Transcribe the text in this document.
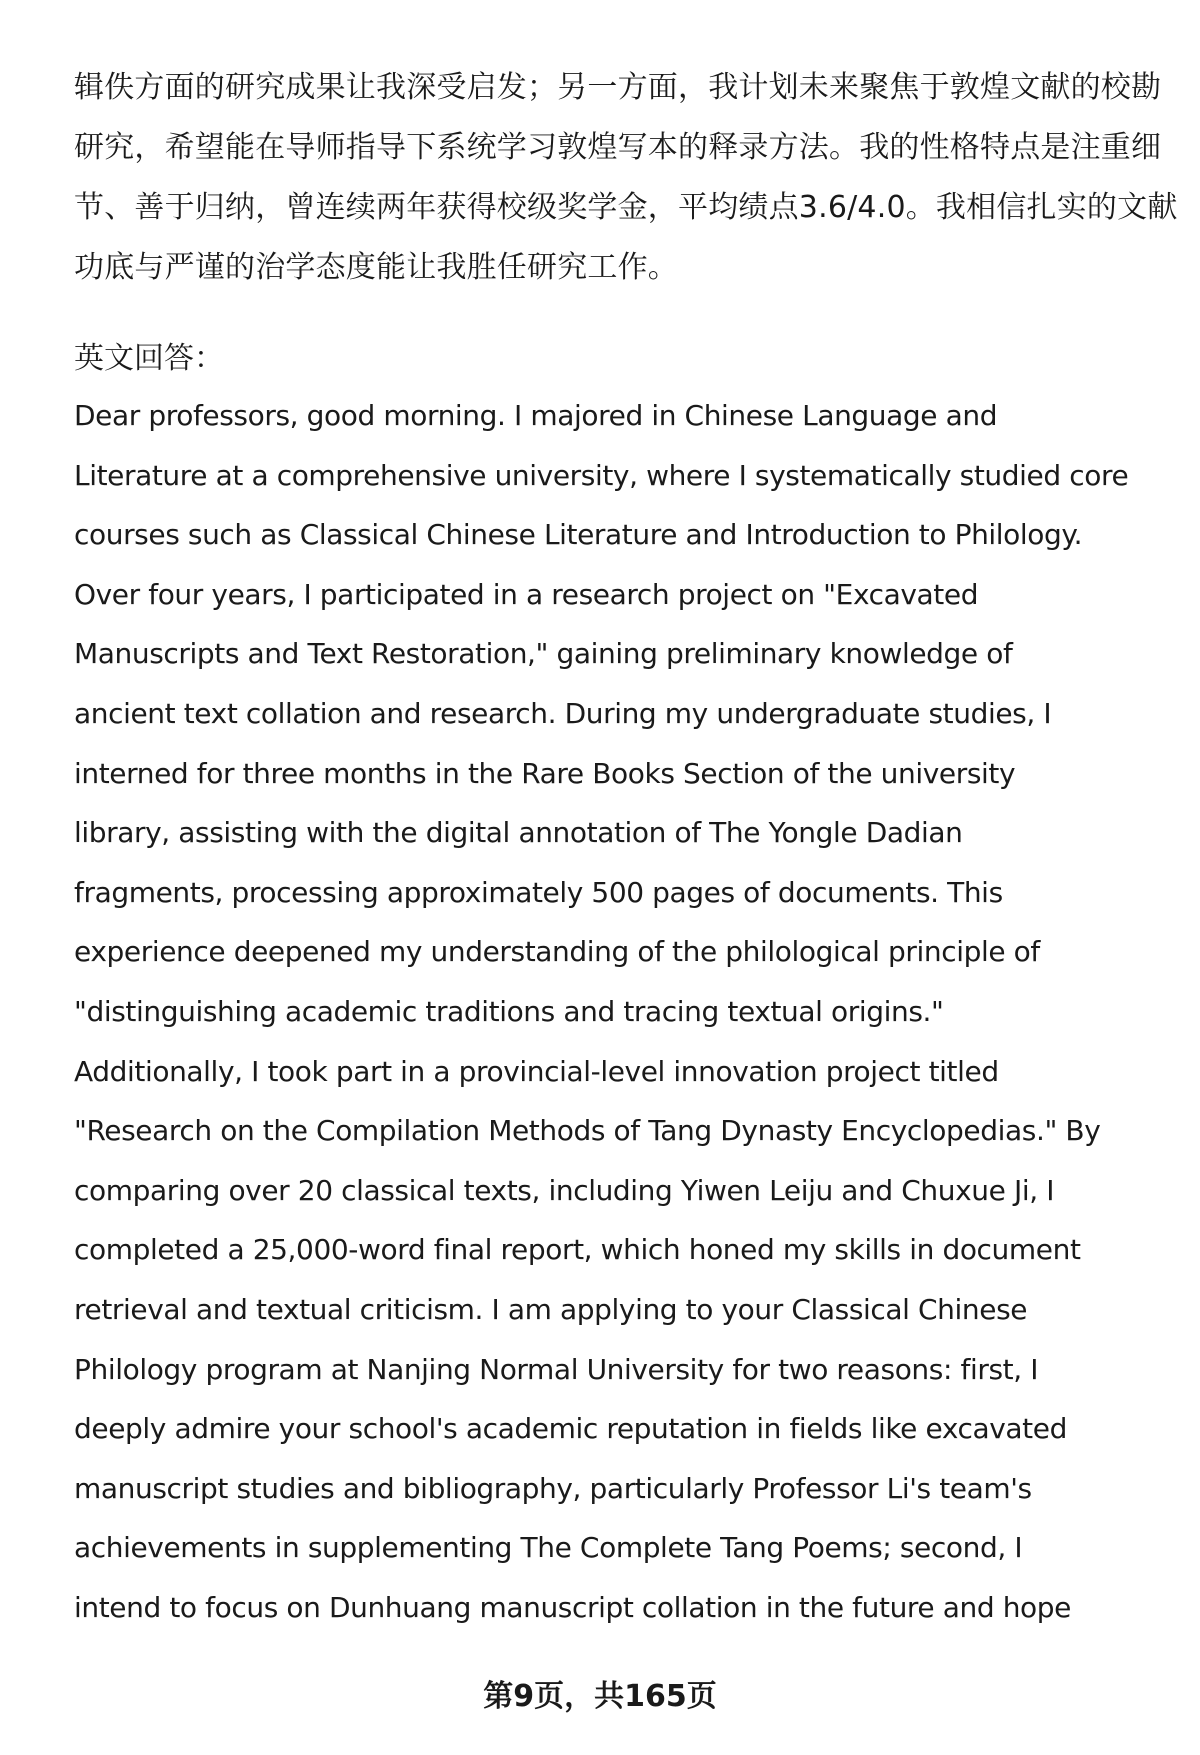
辑佚方面的研究成果让我深受启发；另一方面，我计划未来聚焦于敦煌文献的校勘
研究，希望能在导师指导下系统学习敦煌写本的释录方法。我的性格特点是注重细
节、善于归纳，曾连续两年获得校级奖学金，平均绩点3.6/4.0。我相信扎实的文献
功底与严谨的治学态度能让我胜任研究工作。
英文回答：
Dear professors, good morning. I majored in Chinese Language and
Literature at a comprehensive university, where I systematically studied core
courses such as Classical Chinese Literature and Introduction to Philology.
Over four years, I participated in a research project on "Excavated
Manuscripts and Text Restoration," gaining preliminary knowledge of
ancient text collation and research. During my undergraduate studies, I
interned for three months in the Rare Books Section of the university
library, assisting with the digital annotation of The Yongle Dadian
fragments, processing approximately 500 pages of documents. This
experience deepened my understanding of the philological principle of
"distinguishing academic traditions and tracing textual origins."
Additionally, I took part in a provincial-level innovation project titled
"Research on the Compilation Methods of Tang Dynasty Encyclopedias." By
comparing over 20 classical texts, including Yiwen Leiju and Chuxue Ji, I
completed a 25,000-word final report, which honed my skills in document
retrieval and textual criticism. I am applying to your Classical Chinese
Philology program at Nanjing Normal University for two reasons: first, I
deeply admire your school's academic reputation in fields like excavated
manuscript studies and bibliography, particularly Professor Li's team's
achievements in supplementing The Complete Tang Poems; second, I
intend to focus on Dunhuang manuscript collation in the future and hope
第9页，共165页
